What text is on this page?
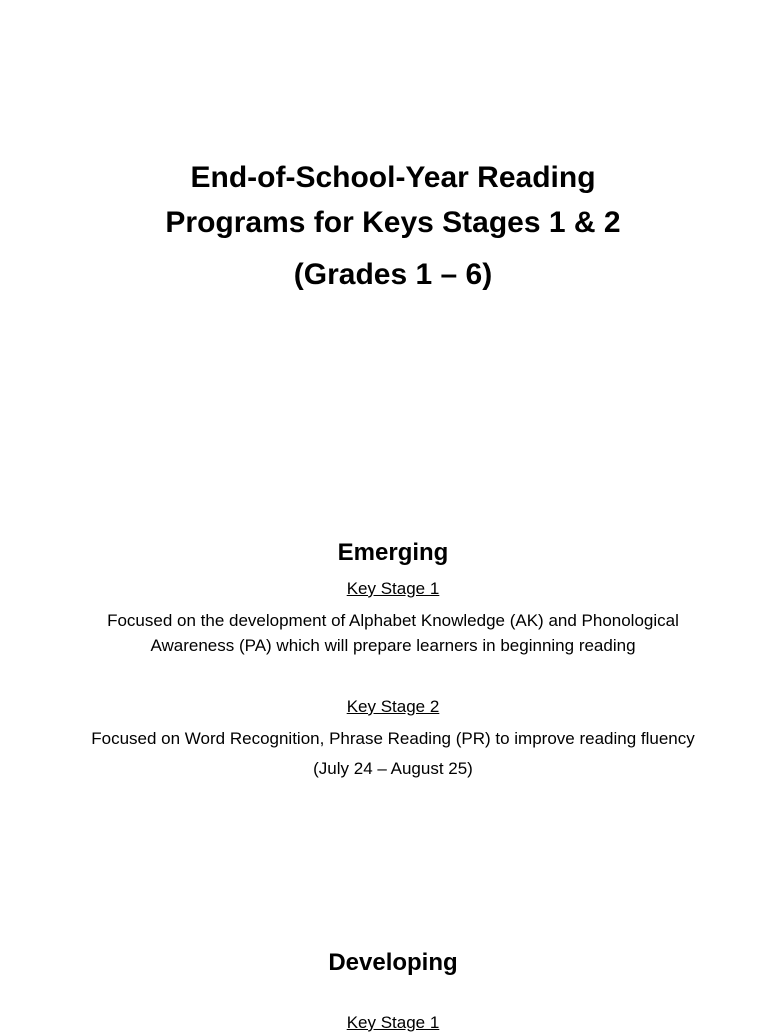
End-of-School-Year Reading
Programs for Keys Stages 1 & 2
(Grades 1 – 6)
Emerging
Key Stage 1
Focused on the development of Alphabet Knowledge (AK) and Phonological
Awareness (PA) which will prepare learners in beginning reading
Key Stage 2
Focused on Word Recognition, Phrase Reading (PR) to improve reading fluency
(July 24 – August 25)
Developing
Key Stage 1
